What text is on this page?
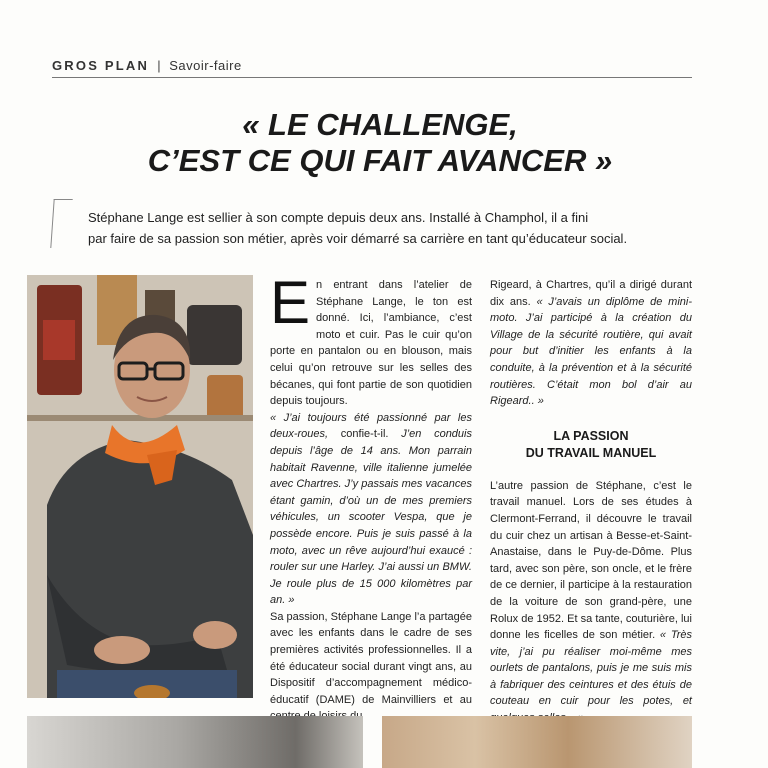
GROS PLAN | Savoir-faire
« LE CHALLENGE,
C’EST CE QUI FAIT AVANCER »
Stéphane Lange est sellier à son compte depuis deux ans. Installé à Champhol, il a fini
par faire de sa passion son métier, après voir démarré sa carrière en tant qu’éducateur social.

En entrant dans l’atelier de Stéphane Lange, le ton est donné. Ici, l’ambiance, c’est moto et cuir. Pas le cuir qu’on porte en pantalon ou en blouson, mais celui qu’on retrouve sur les selles des bécanes, qui font partie de son quotidien depuis toujours.

« J’ai toujours été passionné par les deux-roues, confie-t-il. J’en conduis depuis l’âge de 14 ans. Mon parrain habitait Ravenne, ville italienne jumelée avec Chartres. J’y passais mes vacances étant gamin, d’où un de mes premiers véhicules, un scooter Vespa, que je possède encore. Puis je suis passé à la moto, avec un rêve aujourd’hui exaucé : rouler sur une Harley. J’ai aussi un BMW. Je roule plus de 15 000 kilomètres par an. »

Sa passion, Stéphane Lange l’a partagée avec les enfants dans le cadre de ses premières activités professionnelles. Il a été éducateur social durant vingt ans, au Dispositif d’accompagnement médico-éducatif (DAME) de Mainvilliers et au

Rigeard, à Chartres, qu’il a dirigé durant dix ans. « J’avais un diplôme de mini-moto. J’ai participé à la création du Village de la sécurité routière, qui avait pour but d’initier les enfants à la conduite, à la prévention et à la sécurité routières. C’était mon bol d’air au Rigeard.. »

LA PASSION
DU TRAVAIL MANUEL

L’autre passion de Stéphane, c’est le travail manuel. Lors de ses études à Clermont-Ferrand, il découvre le travail du cuir chez un artisan à Besse-et-Saint-Anastaise, dans le Puy-de-Dôme. Plus tard, avec son père, son oncle, et le frère de ce dernier, il participe à la restauration de la voiture de son grand-père, une Rolux de 1952. Et sa tante, couturière, lui donne les ficelles de son métier. « Très vite, j’ai pu réaliser moi-même mes ourlets de pantalons, puis je me suis mis à fabriquer des ceintures et des étuis de couteau en cuir pour les potes, et
